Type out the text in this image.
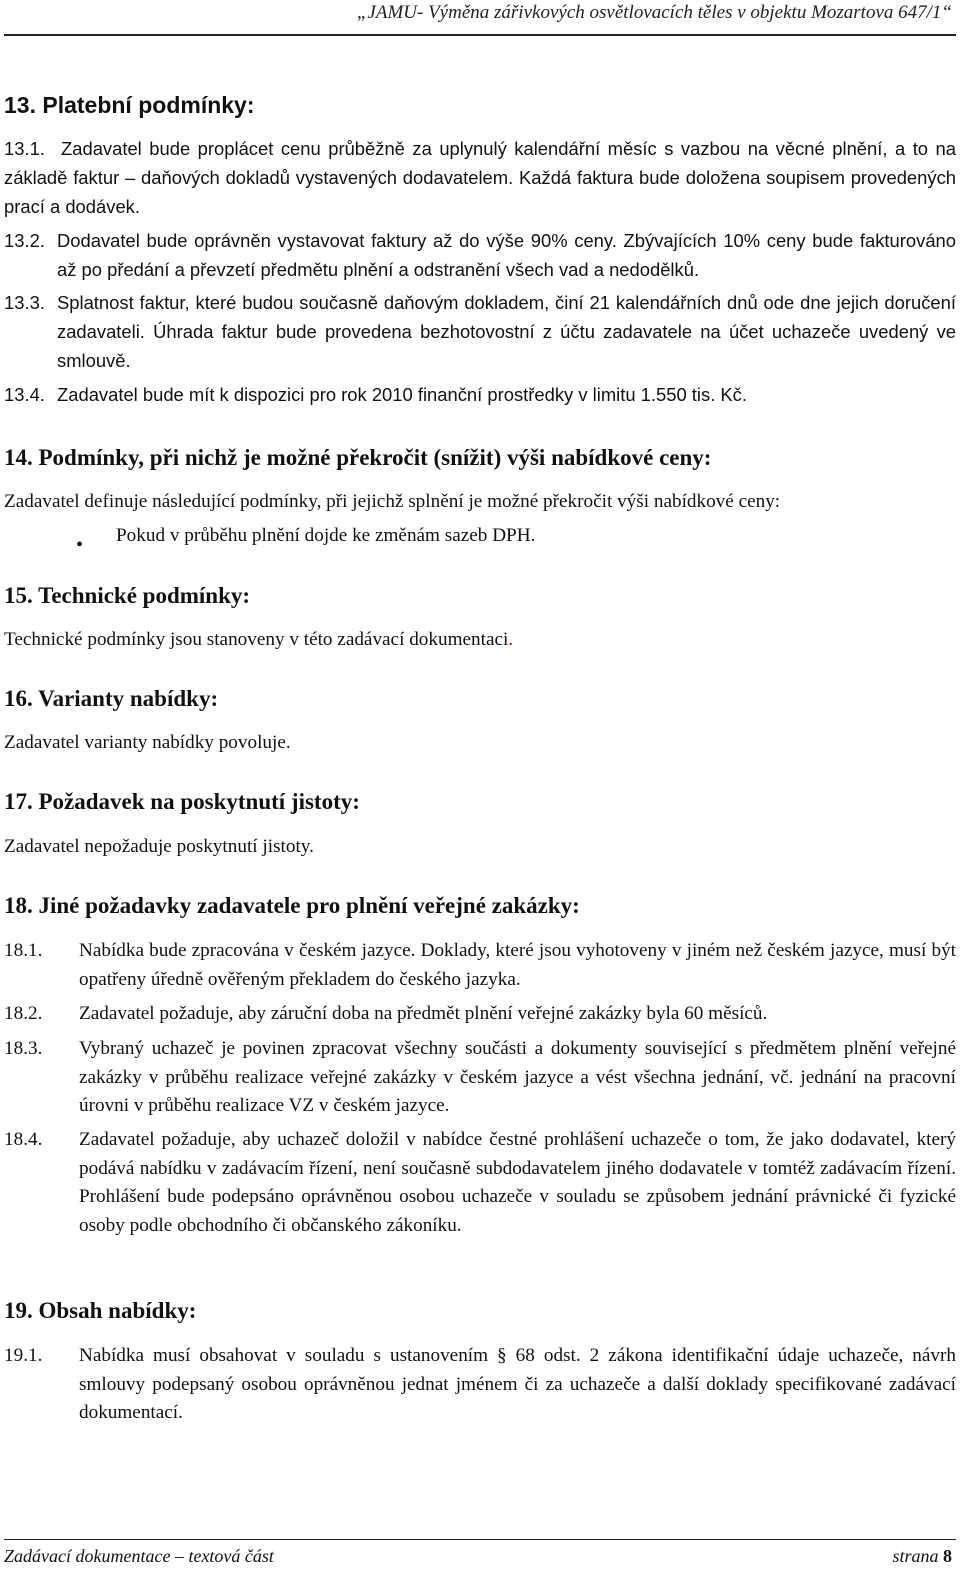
„JAMU- Výměna zářivkových osvětlovacích těles v objektu Mozartova 647/1“
13. Platební podmínky:
13.1. Zadavatel bude proplácet cenu průběžně za uplynulý kalendářní měsíc s vazbou na věcné plnění, a to na základě faktur – daňových dokladů vystavených dodavatelem. Každá faktura bude doložena soupisem provedených prací a dodávek.
13.2. Dodavatel bude oprávněn vystavovat faktury až do výše 90% ceny. Zbývajících 10% ceny bude fakturováno až po předání a převzetí předmětu plnění a odstranění všech vad a nedodělků.
13.3. Splatnost faktur, které budou současně daňovým dokladem, činí 21 kalendářních dnů ode dne jejich doručení zadavateli. Úhrada faktur bude provedena bezhotovostní z účtu zadavatele na účet uchazeče uvedený ve smlouvě.
13.4. Zadavatel bude mít k dispozici pro rok 2010 finanční prostředky v limitu 1.550 tis. Kč.
14. Podmínky, při nichž je možné překročit (snížit) výši nabídkové ceny:
Zadavatel definuje následující podmínky, při jejichž splnění je možné překročit výši nabídkové ceny:
• Pokud v průběhu plnění dojde ke změnám sazeb DPH.
15. Technické podmínky:
Technické podmínky jsou stanoveny v této zadávací dokumentaci.
16. Varianty nabídky:
Zadavatel varianty nabídky povoluje.
17. Požadavek na poskytnutí jistoty:
Zadavatel nepožaduje poskytnutí jistoty.
18. Jiné požadavky zadavatele pro plnění veřejné zakázky:
18.1. Nabídka bude zpracována v českém jazyce. Doklady, které jsou vyhotoveny v jiném než českém jazyce, musí být opatřeny úředně ověřeným překladem do českého jazyka.
18.2. Zadavatel požaduje, aby záruční doba na předmět plnění veřejné zakázky byla 60 měsíců.
18.3. Vybraný uchazeč je povinen zpracovat všechny součásti a dokumenty související s předmětem plnění veřejné zakázky v průběhu realizace veřejné zakázky v českém jazyce a vést všechna jednání, vč. jednání na pracovní úrovni v průběhu realizace VZ v českém jazyce.
18.4. Zadavatel požaduje, aby uchazeč doložil v nabídce čestné prohlášení uchazeče o tom, že jako dodavatel, který podává nabídku v zadávacím řízení, není současně subdodavatelem jiného dodavatele v tomtéž zadávacím řízení. Prohlášení bude podepsáno oprávněnou osobou uchazeče v souladu se způsobem jednání právnické či fyzické osoby podle obchodního či občanského zákoníku.
19. Obsah nabídky:
19.1. Nabídka musí obsahovat v souladu s ustanovením § 68 odst. 2 zákona identifikační údaje uchazeče, návrh smlouvy podepsaný osobou oprávněnou jednat jménem či za uchazeče a další doklady specifikované zadávací dokumentací.
Zadávací dokumentace – textová část	strana 8
